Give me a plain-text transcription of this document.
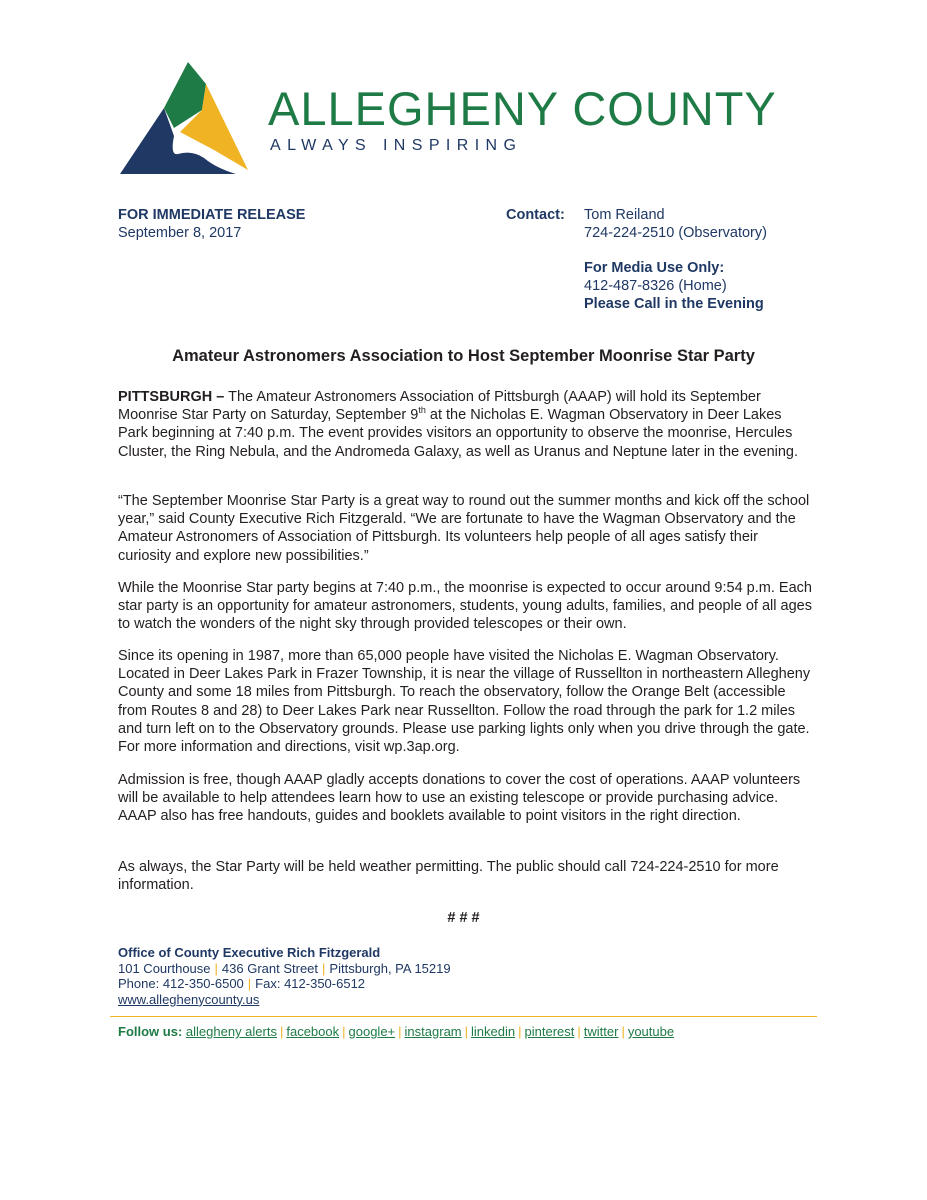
ALLEGHENY COUNTY
ALWAYS INSPIRING
FOR IMMEDIATE RELEASE
September 8, 2017
Contact: Tom Reiland
724-224-2510 (Observatory)
For Media Use Only:
412-487-8326 (Home)
Please Call in the Evening
Amateur Astronomers Association to Host September Moonrise Star Party

PITTSBURGH – The Amateur Astronomers Association of Pittsburgh (AAAP) will hold its September Moonrise Star Party on Saturday, September 9th at the Nicholas E. Wagman Observatory in Deer Lakes Park beginning at 7:40 p.m. The event provides visitors an opportunity to observe the moonrise, Hercules Cluster, the Ring Nebula, and the Andromeda Galaxy, as well as Uranus and Neptune later in the evening.

“The September Moonrise Star Party is a great way to round out the summer months and kick off the school year,” said County Executive Rich Fitzgerald. “We are fortunate to have the Wagman Observatory and the Amateur Astronomers of Association of Pittsburgh. Its volunteers help people of all ages satisfy their curiosity and explore new possibilities.”

While the Moonrise Star party begins at 7:40 p.m., the moonrise is expected to occur around 9:54 p.m. Each star party is an opportunity for amateur astronomers, students, young adults, families, and people of all ages to watch the wonders of the night sky through provided telescopes or their own.

Since its opening in 1987, more than 65,000 people have visited the Nicholas E. Wagman Observatory. Located in Deer Lakes Park in Frazer Township, it is near the village of Russellton in northeastern Allegheny County and some 18 miles from Pittsburgh. To reach the observatory, follow the Orange Belt (accessible from Routes 8 and 28) to Deer Lakes Park near Russellton. Follow the road through the park for 1.2 miles and turn left on to the Observatory grounds. Please use parking lights only when you drive through the gate. For more information and directions, visit wp.3ap.org.

Admission is free, though AAAP gladly accepts donations to cover the cost of operations. AAAP volunteers will be available to help attendees learn how to use an existing telescope or provide purchasing advice. AAAP also has free handouts, guides and booklets available to point visitors in the right direction.

As always, the Star Party will be held weather permitting. The public should call 724-224-2510 for more information.

# # #
Office of County Executive Rich Fitzgerald
101 Courthouse | 436 Grant Street | Pittsburgh, PA 15219
Phone: 412-350-6500 | Fax: 412-350-6512
www.alleghenycounty.us
Follow us: allegheny alerts | facebook | google+ | instagram | linkedin | pinterest | twitter | youtube
